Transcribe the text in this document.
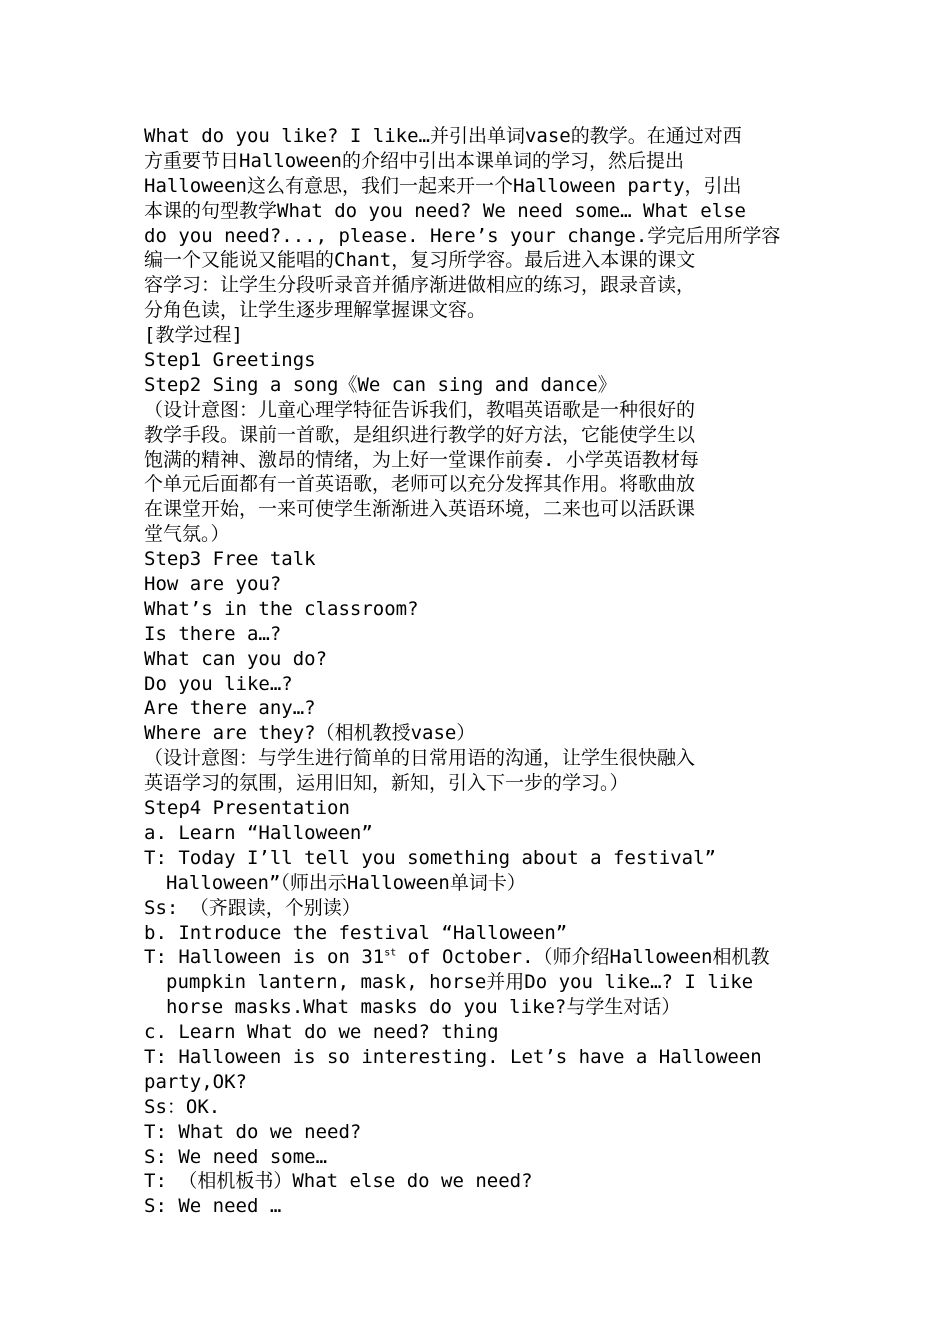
What do you like? I like…并引出单词vase的教学。在通过对西
方重要节日Halloween的介绍中引出本课单词的学习，然后提出
Halloween这么有意思，我们一起来开一个Halloween party，引出
本课的句型教学What do you need? We need some… What else
do you need?..., please. Here’s your change.学完后用所学容
编一个又能说又能唱的Chant，复习所学容。最后进入本课的课文
容学习：让学生分段听录音并循序渐进做相应的练习，跟录音读，
分角色读，让学生逐步理解掌握课文容。
[教学过程]
Step1 Greetings
Step2 Sing a song《We can sing and dance》
（设计意图：儿童心理学特征告诉我们，教唱英语歌是一种很好的
教学手段。课前一首歌，是组织进行教学的好方法，它能使学生以
饱满的精神、激昂的情绪，为上好一堂课作前奏. 小学英语教材每
个单元后面都有一首英语歌，老师可以充分发挥其作用。将歌曲放
在课堂开始，一来可使学生渐渐进入英语环境，二来也可以活跃课
堂气氛。）
Step3 Free talk
How are you?
What’s in the classroom?
Is there a…?
What can you do?
Do you like…?
Are there any…?
Where are they?（相机教授vase）
（设计意图：与学生进行简单的日常用语的沟通，让学生很快融入
英语学习的氛围，运用旧知，新知，引入下一步的学习。）
Step4 Presentation
a. Learn “Halloween”
T: Today I’ll tell you something about a festival”
Halloween”（师出示Halloween单词卡）
Ss: （齐跟读，个别读）
b. Introduce the festival “Halloween”
T: Halloween is on 31st of October.（师介绍Halloween相机教
pumpkin lantern, mask, horse并用Do you like…? I like
horse masks.What masks do you like?与学生对话）
c. Learn What do we need? thing
T: Halloween is so interesting. Let’s have a Halloween
party,OK?
Ss：OK.
T: What do we need?
S: We need some…
T: （相机板书）What else do we need?
S: We need …
